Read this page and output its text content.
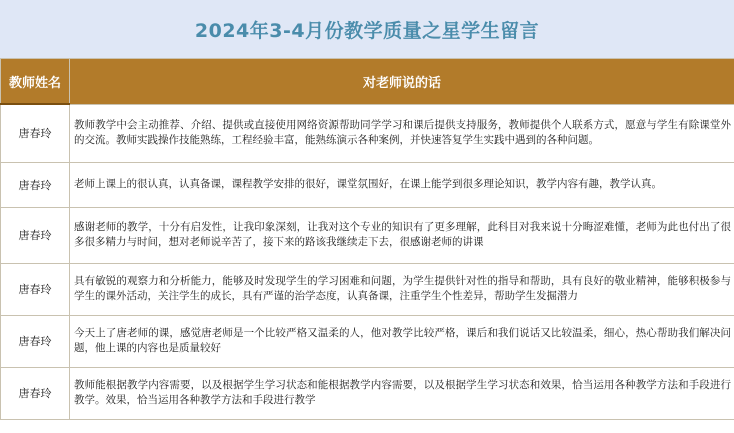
2024年3-4月份教学质量之星学生留言
教师姓名	对老师说的话
唐春玲	教师教学中会主动推荐、介绍、提供或直接使用网络资源帮助同学学习和课后提供支持服务，教师提供个人联系方式，愿意与学生有除课堂外的交流。教师实践操作技能熟练，工程经验丰富，能熟练演示各种案例，并快速答复学生实践中遇到的各种问题。
唐春玲	老师上课上的很认真，认真备课，课程教学安排的很好，课堂氛围好，在课上能学到很多理论知识，教学内容有趣，教学认真。
唐春玲	感谢老师的教学，十分有启发性，让我印象深刻，让我对这个专业的知识有了更多理解，此科目对我来说十分晦涩难懂，老师为此也付出了很多很多精力与时间，想对老师说辛苦了，接下来的路该我继续走下去，很感谢老师的讲课
唐春玲	具有敏锐的观察力和分析能力，能够及时发现学生的学习困难和问题，为学生提供针对性的指导和帮助，具有良好的敬业精神，能够积极参与学生的课外活动，关注学生的成长，具有严谨的治学态度，认真备课，注重学生个性差异，帮助学生发掘潜力
唐春玲	今天上了唐老师的课，感觉唐老师是一个比较严格又温柔的人，他对教学比较严格，课后和我们说话又比较温柔，细心，热心帮助我们解决问题，他上课的内容也是质量较好
唐春玲	教师能根据教学内容需要，以及根据学生学习状态和能根据教学内容需要，以及根据学生学习状态和效果，恰当运用各种教学方法和手段进行教学。效果，恰当运用各种教学方法和手段进行教学
